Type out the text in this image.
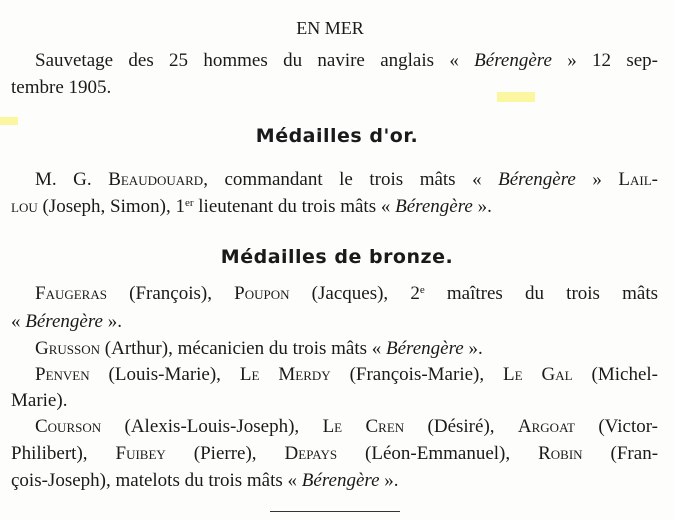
EN MER
Sauvetage des 25 hommes du navire anglais « Bérengère » 12 sep-
tembre 1905.
Médailles d'or.
M. G. Beaudouard, commandant le trois mâts « Bérengère » Lail-
lou (Joseph, Simon), 1er lieutenant du trois mâts « Bérengère ».
Médailles de bronze.
Faugeras (François), Poupon (Jacques), 2e maîtres du trois mâts
« Bérengère ».
Grusson (Arthur), mécanicien du trois mâts « Bérengère ».
Penven (Louis-Marie), Le Merdy (François-Marie), Le Gal (Michel-
Marie).
Courson (Alexis-Louis-Joseph), Le Cren (Désiré), Argoat (Victor-
Philibert), Fuibey (Pierre), Depays (Léon-Emmanuel), Robin (Fran-
çois-Joseph), matelots du trois mâts « Bérengère ».
